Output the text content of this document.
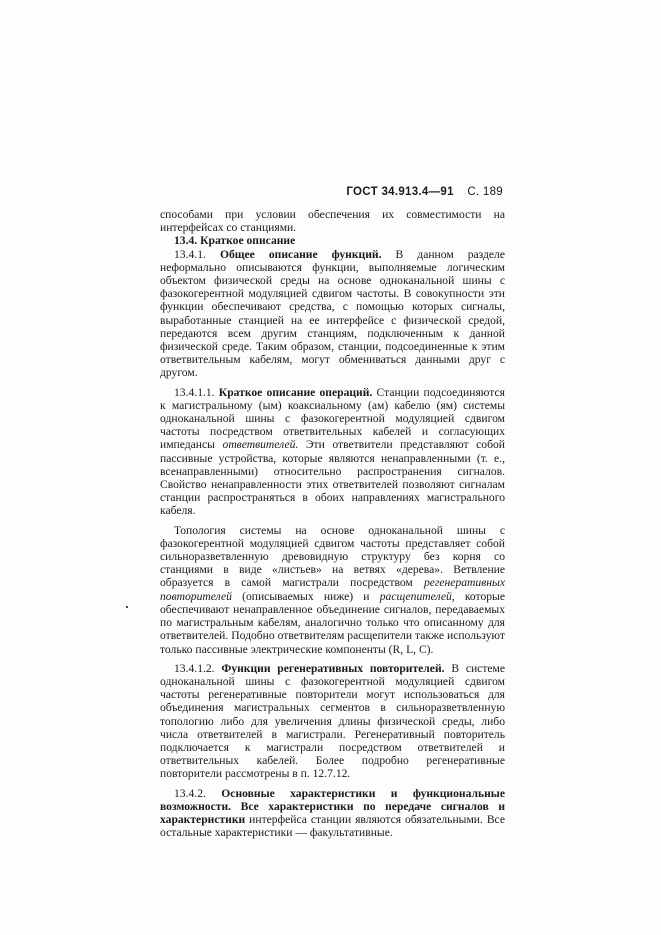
ГОСТ 34.913.4—91 С. 189

способами при условии обеспечения их совместимости на интерфейсах со станциями.

13.4. Краткое описание

13.4.1. Общее описание функций. В данном разделе неформально описываются функции, выполняемые логическим объектом физической среды на основе одноканальной шины с фазокогерентной модуляцией сдвигом частоты. В совокупности эти функции обеспечивают средства, с помощью которых сигналы, выработанные станцией на ее интерфейсе с физической средой, передаются всем другим станциям, подключенным к данной физической среде. Таким образом, станции, подсоединенные к этим ответвительным кабелям, могут обмениваться данными друг с другом.

13.4.1.1. Краткое описание операций. Станции подсоединяются к магистральному (ым) коаксиальному (ам) кабелю (ям) системы одноканальной шины с фазокогерентной модуляцией сдвигом частоты посредством ответвительных кабелей и согласующих импедансы ответвителей. Эти ответвители представляют собой пассивные устройства, которые являются ненаправленными (т. е., всенаправленными) относительно распространения сигналов. Свойство ненаправленности этих ответвителей позволяют сигналам станции распространяться в обоих направлениях магистрального кабеля.

Топология системы на основе одноканальной шины с фазокогерентной модуляцией сдвигом частоты представляет собой сильноразветвленную древовидную структуру без корня со станциями в виде «листьев» на ветвях «дерева». Ветвление образуется в самой магистрали посредством регенеративных повторителей (описываемых ниже) и расщепителей, которые обеспечивают ненаправленное объединение сигналов, передаваемых по магистральным кабелям, аналогично только что описанному для ответвителей. Подобно ответвителям расщепители также используют только пассивные электрические компоненты (R, L, C).

13.4.1.2. Функции регенеративных повторителей. В системе одноканальной шины с фазокогерентной модуляцией сдвигом частоты регенеративные повторители могут использоваться для объединения магистральных сегментов в сильноразветвленную топологию либо для увеличения длины физической среды, либо числа ответвителей в магистрали. Регенеративный повторитель подключается к магистрали посредством ответвителей и ответвительных кабелей. Более подробно регенеративные повторители рассмотрены в п. 12.7.12.

13.4.2. Основные характеристики и функциональные возможности. Все характеристики по передаче сигналов и характеристики интерфейса станции являются обязательными. Все остальные характеристики — факультативные.
